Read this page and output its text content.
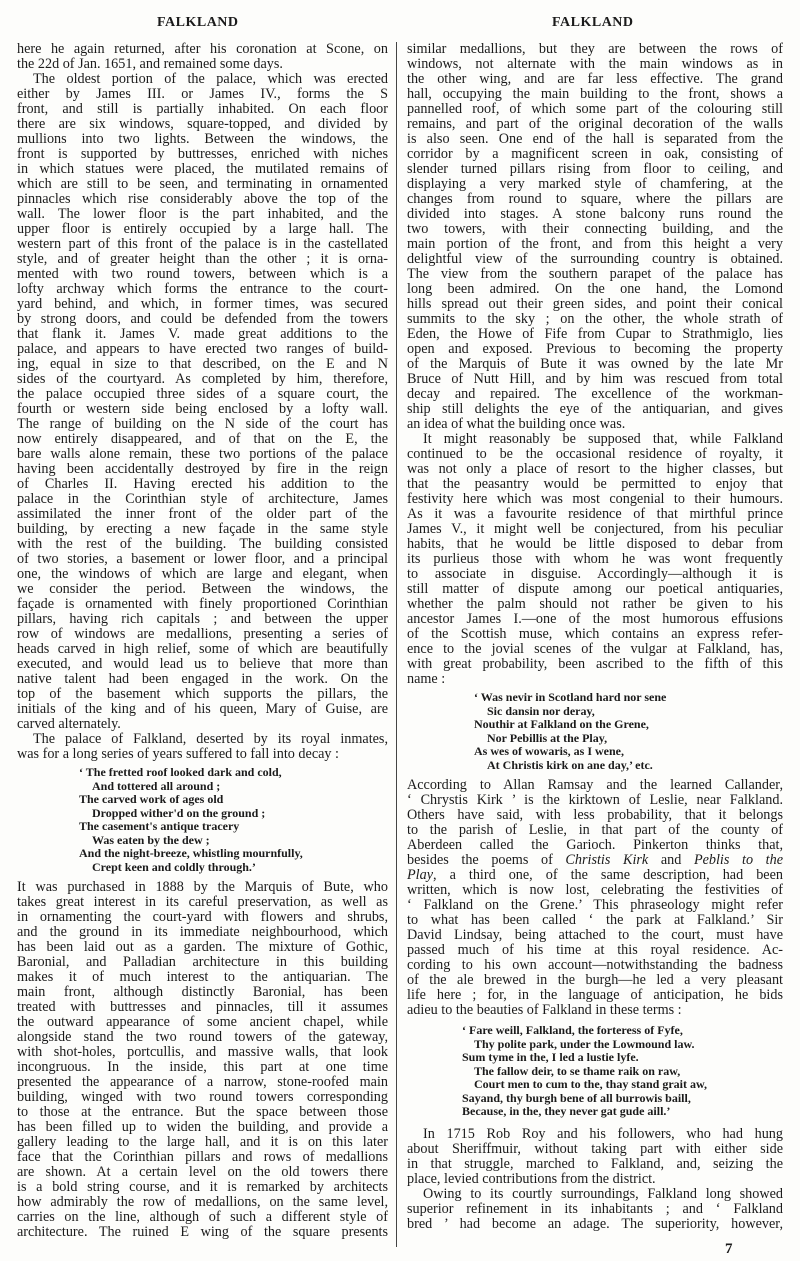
FALKLAND	FALKLAND
here he again returned, after his coronation at Scone, on
the 22d of Jan. 1651, and remained some days.
The oldest portion of the palace, which was erected
either by James III. or James IV., forms the S
front, and still is partially inhabited. On each floor
there are six windows, square-topped, and divided by
mullions into two lights. Between the windows, the
front is supported by buttresses, enriched with niches
in which statues were placed, the mutilated remains of
which are still to be seen, and terminating in ornamented
pinnacles which rise considerably above the top of the
wall. The lower floor is the part inhabited, and the
upper floor is entirely occupied by a large hall. The
western part of this front of the palace is in the castellated
style, and of greater height than the other ; it is orna-
mented with two round towers, between which is a
lofty archway which forms the entrance to the court-
yard behind, and which, in former times, was secured
by strong doors, and could be defended from the towers
that flank it. James V. made great additions to the
palace, and appears to have erected two ranges of build-
ing, equal in size to that described, on the E and N
sides of the courtyard. As completed by him, therefore,
the palace occupied three sides of a square court, the
fourth or western side being enclosed by a lofty wall.
The range of building on the N side of the court has
now entirely disappeared, and of that on the E, the
bare walls alone remain, these two portions of the palace
having been accidentally destroyed by fire in the reign
of Charles II. Having erected his addition to the
palace in the Corinthian style of architecture, James
assimilated the inner front of the older part of the
building, by erecting a new façade in the same style
with the rest of the building. The building consisted
of two stories, a basement or lower floor, and a principal
one, the windows of which are large and elegant, when
we consider the period. Between the windows, the
façade is ornamented with finely proportioned Corinthian
pillars, having rich capitals ; and between the upper
row of windows are medallions, presenting a series of
heads carved in high relief, some of which are beautifully
executed, and would lead us to believe that more than
native talent had been engaged in the work. On the
top of the basement which supports the pillars, the
initials of the king and of his queen, Mary of Guise, are
carved alternately.
The palace of Falkland, deserted by its royal inmates,
was for a long series of years suffered to fall into decay :
‘ The fretted roof looked dark and cold,
And tottered all around ;
The carved work of ages old
Dropped wither'd on the ground ;
The casement's antique tracery
Was eaten by the dew ;
And the night-breeze, whistling mournfully,
Crept keen and coldly through.’
It was purchased in 1888 by the Marquis of Bute, who
takes great interest in its careful preservation, as well as
in ornamenting the court-yard with flowers and shrubs,
and the ground in its immediate neighbourhood, which
has been laid out as a garden. The mixture of Gothic,
Baronial, and Palladian architecture in this building
makes it of much interest to the antiquarian. The
main front, although distinctly Baronial, has been
treated with buttresses and pinnacles, till it assumes
the outward appearance of some ancient chapel, while
alongside stand the two round towers of the gateway,
with shot-holes, portcullis, and massive walls, that look
incongruous. In the inside, this part at one time
presented the appearance of a narrow, stone-roofed main
building, winged with two round towers corresponding
to those at the entrance. But the space between those
has been filled up to widen the building, and provide a
gallery leading to the large hall, and it is on this later
face that the Corinthian pillars and rows of medallions
are shown. At a certain level on the old towers there
is a bold string course, and it is remarked by architects
how admirably the row of medallions, on the same level,
carries on the line, although of such a different style of
architecture. The ruined E wing of the square presents
similar medallions, but they are between the rows of
windows, not alternate with the main windows as in
the other wing, and are far less effective. The grand
hall, occupying the main building to the front, shows a
pannelled roof, of which some part of the colouring still
remains, and part of the original decoration of the walls
is also seen. One end of the hall is separated from the
corridor by a magnificent screen in oak, consisting of
slender turned pillars rising from floor to ceiling, and
displaying a very marked style of chamfering, at the
changes from round to square, where the pillars are
divided into stages. A stone balcony runs round the
two towers, with their connecting building, and the
main portion of the front, and from this height a very
delightful view of the surrounding country is obtained.
The view from the southern parapet of the palace has
long been admired. On the one hand, the Lomond
hills spread out their green sides, and point their conical
summits to the sky ; on the other, the whole strath of
Eden, the Howe of Fife from Cupar to Strathmiglo, lies
open and exposed. Previous to becoming the property
of the Marquis of Bute it was owned by the late Mr
Bruce of Nutt Hill, and by him was rescued from total
decay and repaired. The excellence of the workman-
ship still delights the eye of the antiquarian, and gives
an idea of what the building once was.
It might reasonably be supposed that, while Falkland
continued to be the occasional residence of royalty, it
was not only a place of resort to the higher classes, but
that the peasantry would be permitted to enjoy that
festivity here which was most congenial to their humours.
As it was a favourite residence of that mirthful prince
James V., it might well be conjectured, from his peculiar
habits, that he would be little disposed to debar from
its purlieus those with whom he was wont frequently
to associate in disguise. Accordingly—although it is
still matter of dispute among our poetical antiquaries,
whether the palm should not rather be given to his
ancestor James I.—one of the most humorous effusions
of the Scottish muse, which contains an express refer-
ence to the jovial scenes of the vulgar at Falkland, has,
with great probability, been ascribed to the fifth of this
name :
‘ Was nevir in Scotland hard nor sene
Sic dansin nor deray,
Nouthir at Falkland on the Grene,
Nor Pebillis at the Play,
As wes of wowaris, as I wene,
At Christis kirk on ane day,’ etc.
According to Allan Ramsay and the learned Callander,
‘ Chrystis Kirk ’ is the kirktown of Leslie, near Falkland.
Others have said, with less probability, that it belongs
to the parish of Leslie, in that part of the county of
Aberdeen called the Garioch. Pinkerton thinks that,
besides the poems of Christis Kirk and Peblis to the
Play, a third one, of the same description, had been
written, which is now lost, celebrating the festivities of
‘ Falkland on the Grene.’ This phraseology might refer
to what has been called ‘ the park at Falkland.’ Sir
David Lindsay, being attached to the court, must have
passed much of his time at this royal residence. Ac-
cording to his own account—notwithstanding the badness
of the ale brewed in the burgh—he led a very pleasant
life here ; for, in the language of anticipation, he bids
adieu to the beauties of Falkland in these terms :
‘ Fare weill, Falkland, the forteress of Fyfe,
Thy polite park, under the Lowmound law.
Sum tyme in the, I led a lustie lyfe.
The fallow deir, to se thame raik on raw,
Court men to cum to the, thay stand grait aw,
Sayand, thy burgh bene of all burrowis baill,
Because, in the, they never gat gude aill.’
In 1715 Rob Roy and his followers, who had hung
about Sheriffmuir, without taking part with either side
in that struggle, marched to Falkland, and, seizing the
place, levied contributions from the district.
Owing to its courtly surroundings, Falkland long showed
superior refinement in its inhabitants ; and ‘ Falkland
bred ’ had become an adage. The superiority, however,
7
